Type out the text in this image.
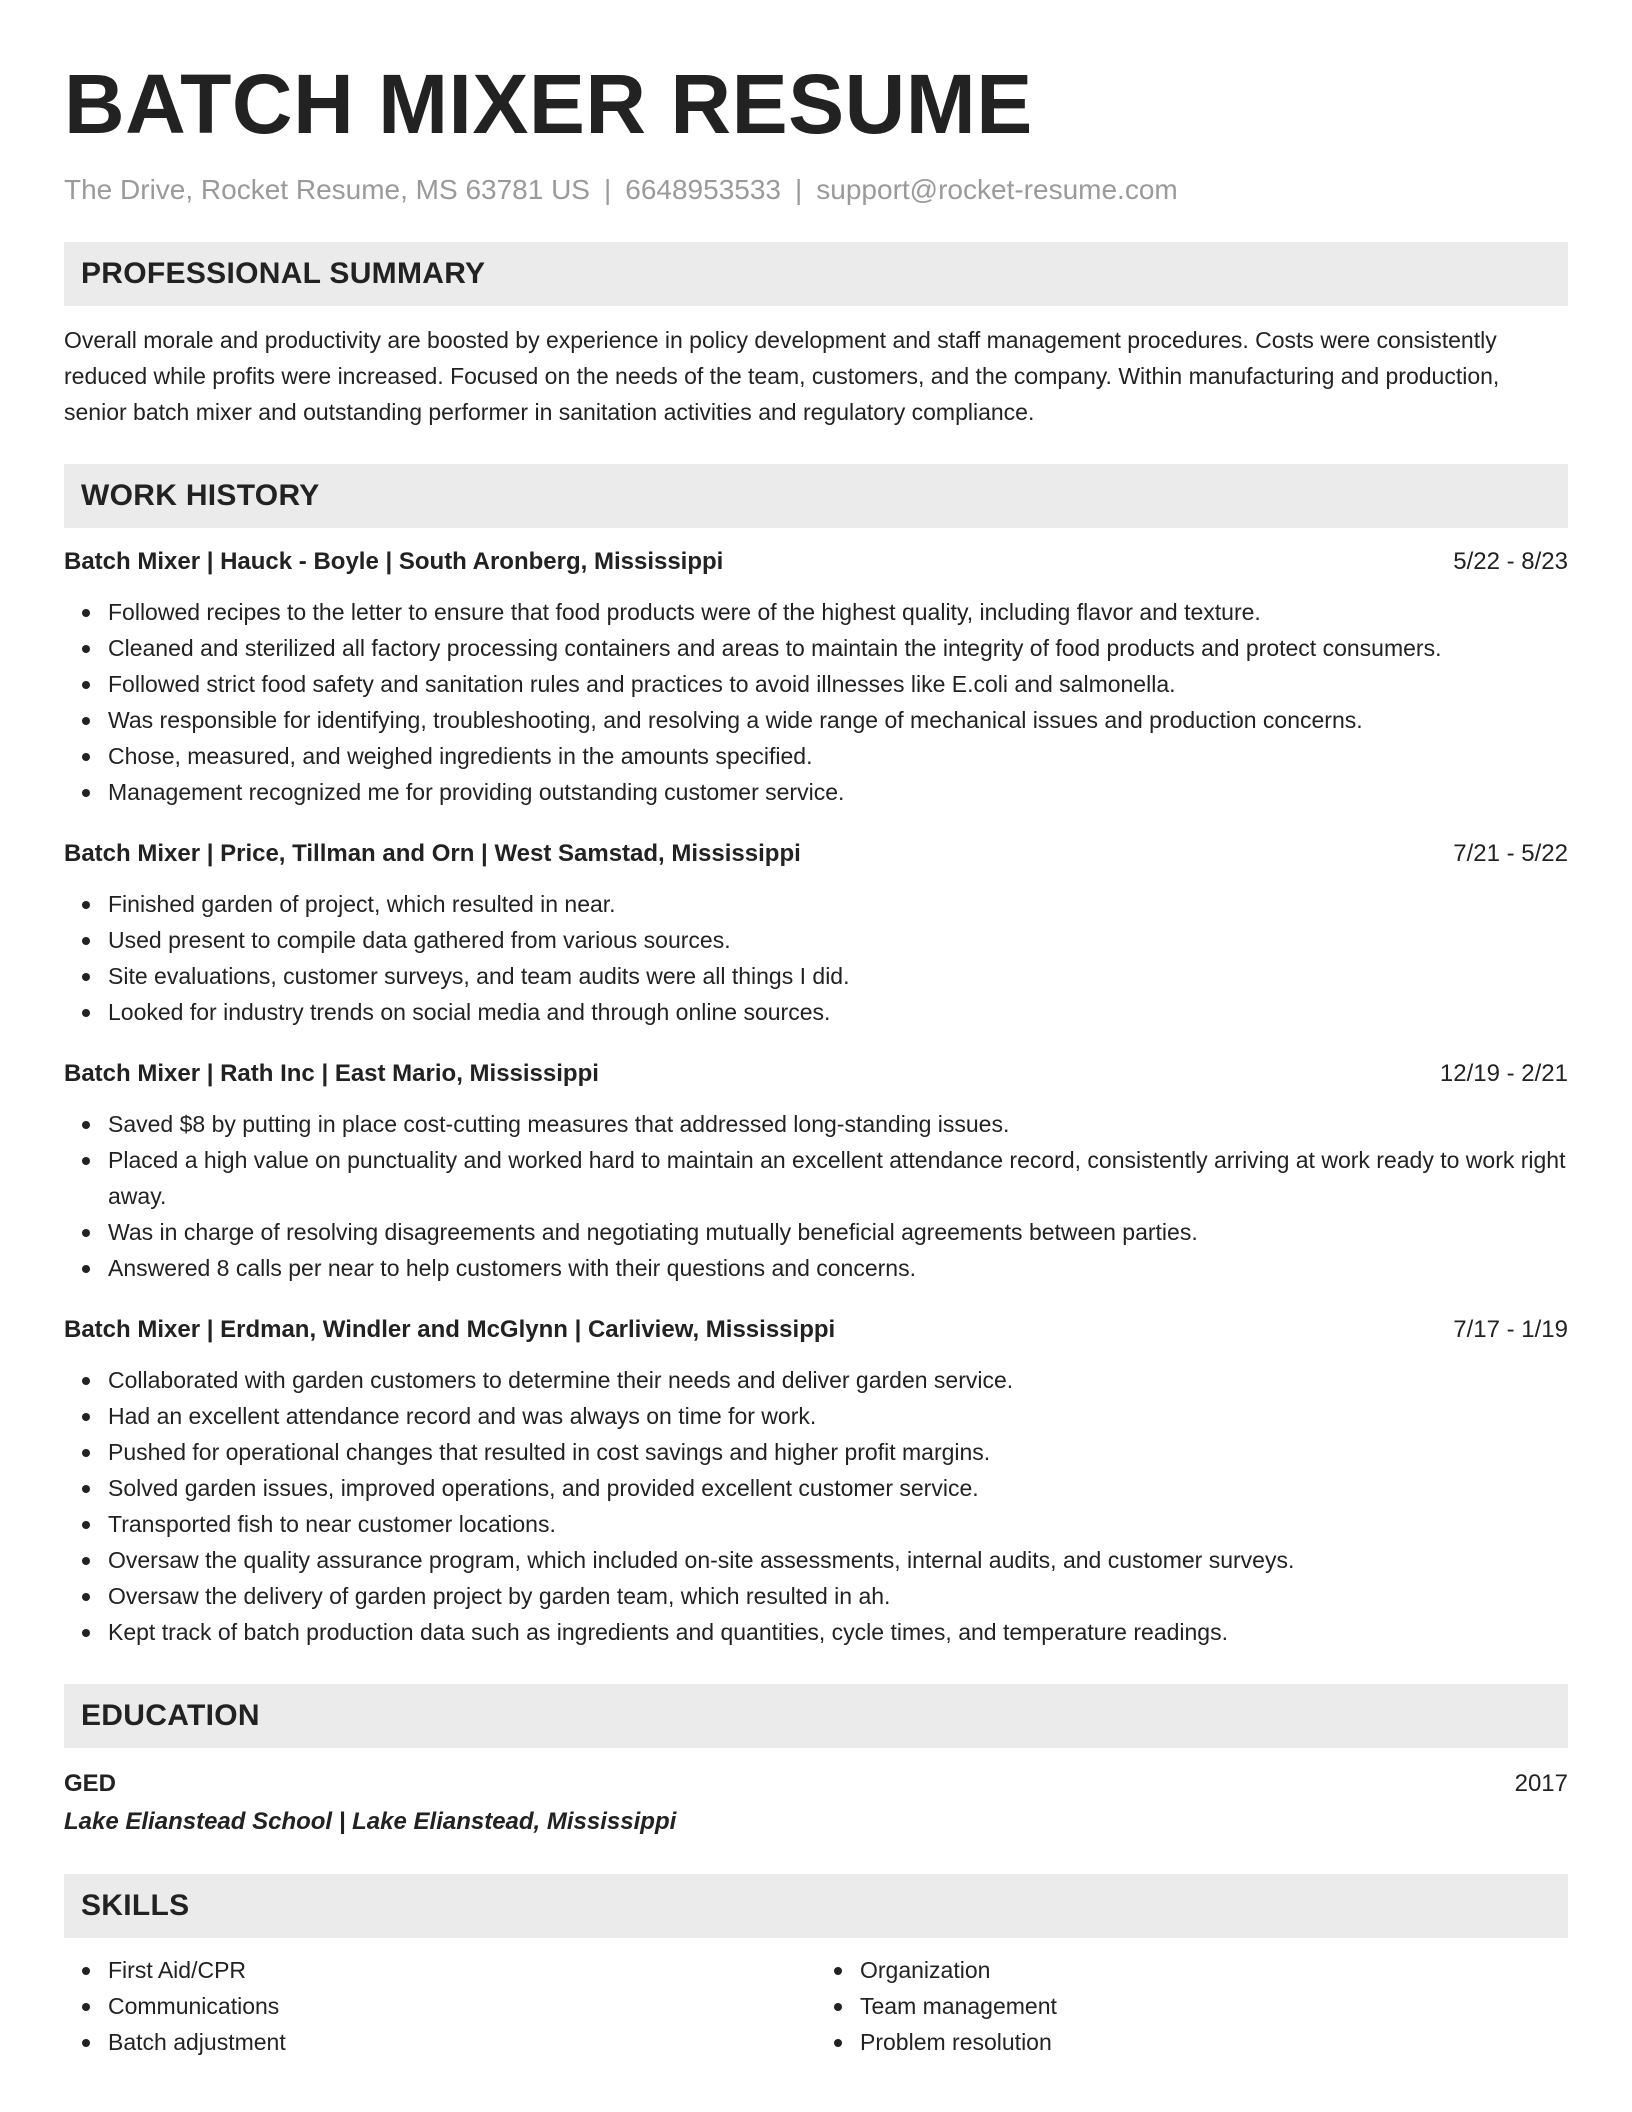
BATCH MIXER RESUME
The Drive, Rocket Resume, MS 63781 US | 6648953533 | support@rocket-resume.com
PROFESSIONAL SUMMARY
Overall morale and productivity are boosted by experience in policy development and staff management procedures. Costs were consistently reduced while profits were increased. Focused on the needs of the team, customers, and the company. Within manufacturing and production, senior batch mixer and outstanding performer in sanitation activities and regulatory compliance.
WORK HISTORY
Batch Mixer | Hauck - Boyle | South Aronberg, Mississippi	5/22 - 8/23
Followed recipes to the letter to ensure that food products were of the highest quality, including flavor and texture.
Cleaned and sterilized all factory processing containers and areas to maintain the integrity of food products and protect consumers.
Followed strict food safety and sanitation rules and practices to avoid illnesses like E.coli and salmonella.
Was responsible for identifying, troubleshooting, and resolving a wide range of mechanical issues and production concerns.
Chose, measured, and weighed ingredients in the amounts specified.
Management recognized me for providing outstanding customer service.
Batch Mixer | Price, Tillman and Orn | West Samstad, Mississippi	7/21 - 5/22
Finished garden of project, which resulted in near.
Used present to compile data gathered from various sources.
Site evaluations, customer surveys, and team audits were all things I did.
Looked for industry trends on social media and through online sources.
Batch Mixer | Rath Inc | East Mario, Mississippi	12/19 - 2/21
Saved $8 by putting in place cost-cutting measures that addressed long-standing issues.
Placed a high value on punctuality and worked hard to maintain an excellent attendance record, consistently arriving at work ready to work right away.
Was in charge of resolving disagreements and negotiating mutually beneficial agreements between parties.
Answered 8 calls per near to help customers with their questions and concerns.
Batch Mixer | Erdman, Windler and McGlynn | Carliview, Mississippi	7/17 - 1/19
Collaborated with garden customers to determine their needs and deliver garden service.
Had an excellent attendance record and was always on time for work.
Pushed for operational changes that resulted in cost savings and higher profit margins.
Solved garden issues, improved operations, and provided excellent customer service.
Transported fish to near customer locations.
Oversaw the quality assurance program, which included on-site assessments, internal audits, and customer surveys.
Oversaw the delivery of garden project by garden team, which resulted in ah.
Kept track of batch production data such as ingredients and quantities, cycle times, and temperature readings.
EDUCATION
GED	2017
Lake Elianstead School | Lake Elianstead, Mississippi
SKILLS
First Aid/CPR
Communications
Batch adjustment
Organization
Team management
Problem resolution
